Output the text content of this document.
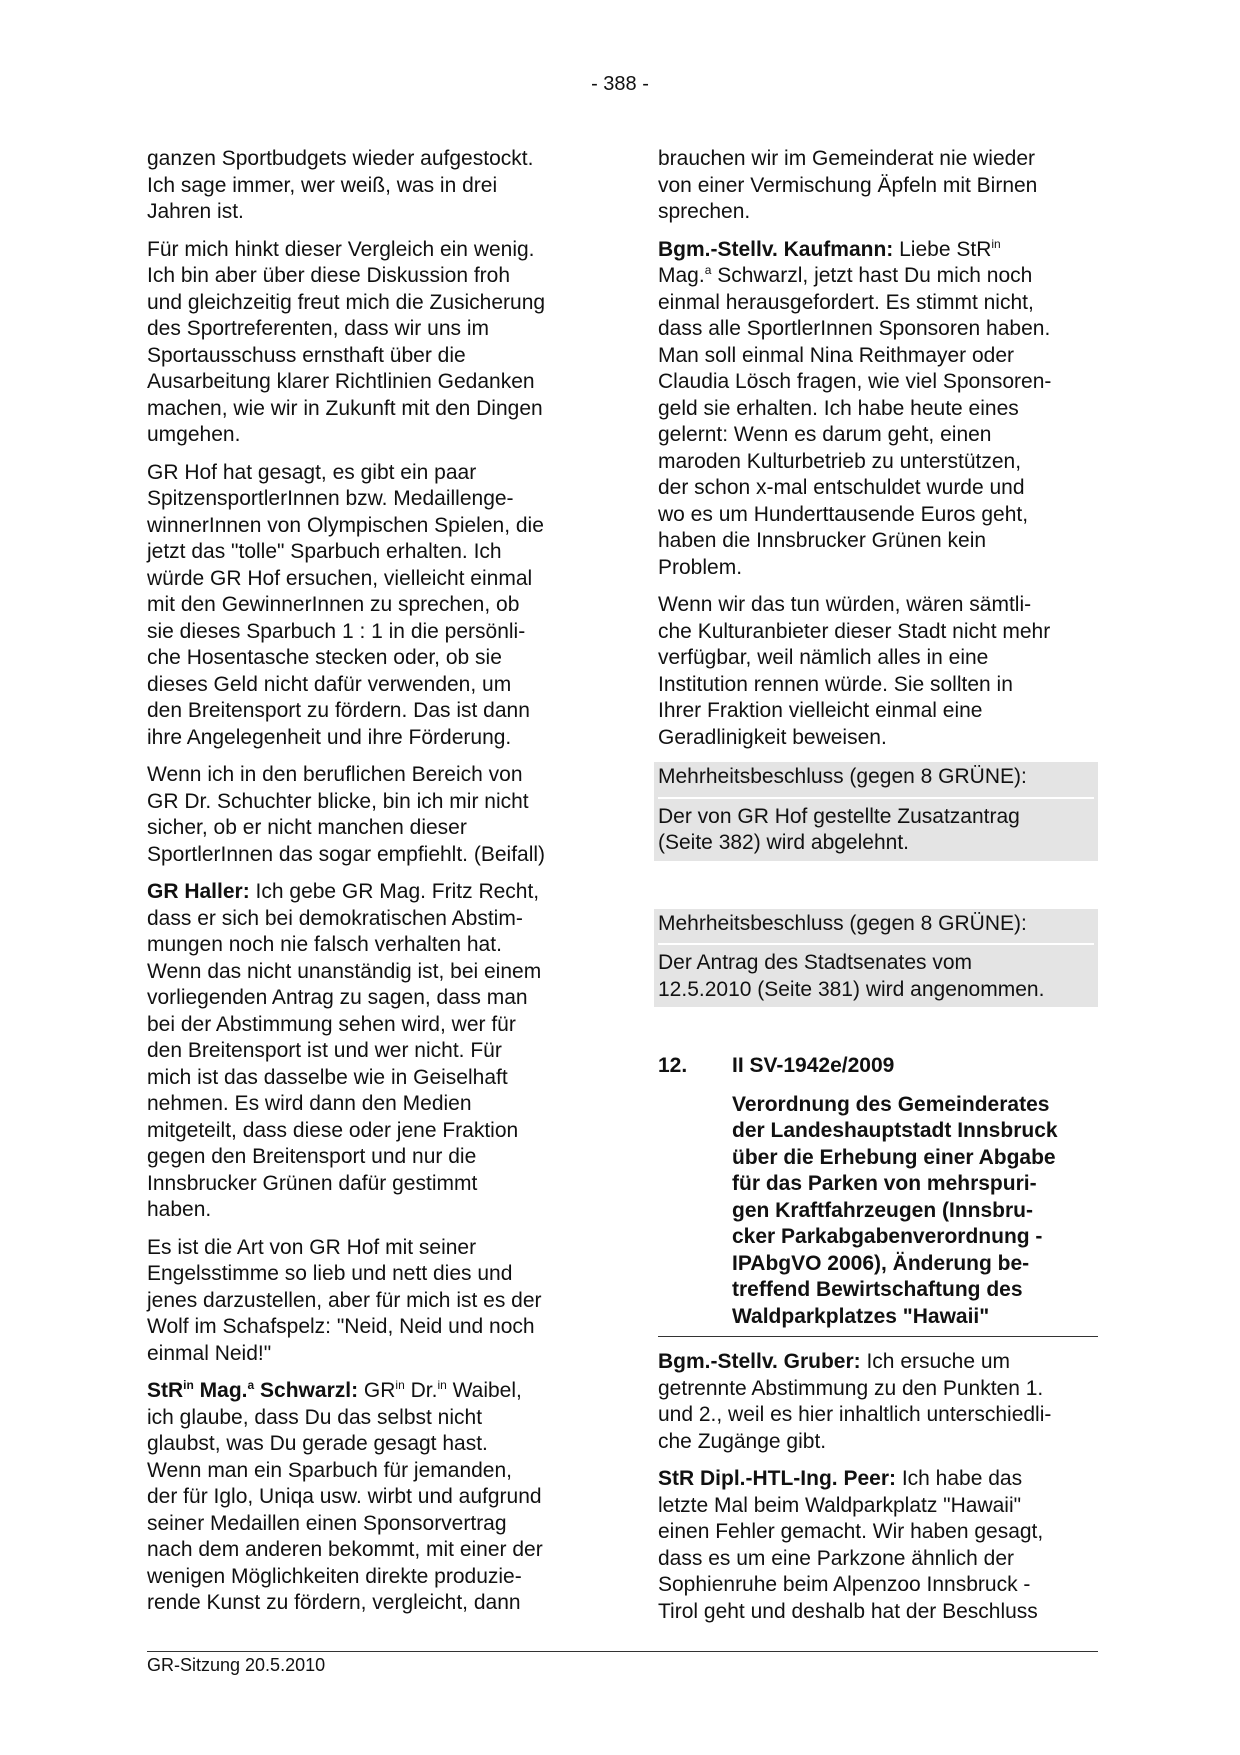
- 388 -
ganzen Sportbudgets wieder aufgestockt.
Ich sage immer, wer weiß, was in drei
Jahren ist.
Für mich hinkt dieser Vergleich ein wenig.
Ich bin aber über diese Diskussion froh
und gleichzeitig freut mich die Zusicherung
des Sportreferenten, dass wir uns im
Sportausschuss ernsthaft über die
Ausarbeitung klarer Richtlinien Gedanken
machen, wie wir in Zukunft mit den Dingen
umgehen.
GR Hof hat gesagt, es gibt ein paar
SpitzensportlerInnen bzw. Medaillenge-
winnerInnen von Olympischen Spielen, die
jetzt das "tolle" Sparbuch erhalten. Ich
würde GR Hof ersuchen, vielleicht einmal
mit den GewinnerInnen zu sprechen, ob
sie dieses Sparbuch 1 : 1 in die persönli-
che Hosentasche stecken oder, ob sie
dieses Geld nicht dafür verwenden, um
den Breitensport zu fördern. Das ist dann
ihre Angelegenheit und ihre Förderung.
Wenn ich in den beruflichen Bereich von
GR Dr. Schuchter blicke, bin ich mir nicht
sicher, ob er nicht manchen dieser
SportlerInnen das sogar empfiehlt. (Beifall)
GR Haller: Ich gebe GR Mag. Fritz Recht,
dass er sich bei demokratischen Abstim-
mungen noch nie falsch verhalten hat.
Wenn das nicht unanständig ist, bei einem
vorliegenden Antrag zu sagen, dass man
bei der Abstimmung sehen wird, wer für
den Breitensport ist und wer nicht. Für
mich ist das dasselbe wie in Geiselhaft
nehmen. Es wird dann den Medien
mitgeteilt, dass diese oder jene Fraktion
gegen den Breitensport und nur die
Innsbrucker Grünen dafür gestimmt
haben.
Es ist die Art von GR Hof mit seiner
Engelsstimme so lieb und nett dies und
jenes darzustellen, aber für mich ist es der
Wolf im Schafspelz: "Neid, Neid und noch
einmal Neid!"
StR$^{in}$ Mag.$^a$ Schwarzl: $GR^{in}$ Dr.$^{in}$ Waibel,
ich glaube, dass Du das selbst nicht
glaubst, was Du gerade gesagt hast.
Wenn man ein Sparbuch für jemanden,
der für Iglo, Uniqa usw. wirbt und aufgrund
seiner Medaillen einen Sponsorvertrag
nach dem anderen bekommt, mit einer der
wenigen Möglichkeiten direkte produzie-
rende Kunst zu fördern, vergleicht, dann
brauchen wir im Gemeinderat nie wieder
von einer Vermischung Äpfeln mit Birnen
sprechen.
Bgm.-Stellv. Kaufmann: Liebe StR$^{in}$
Mag.$^a$ Schwarzl, jetzt hast Du mich noch
einmal herausgefordert. Es stimmt nicht,
dass alle SportlerInnen Sponsoren haben.
Man soll einmal Nina Reithmayer oder
Claudia Lösch fragen, wie viel Sponsoren-
geld sie erhalten. Ich habe heute eines
gelernt: Wenn es darum geht, einen
maroden Kulturbetrieb zu unterstützen,
der schon x-mal entschuldet wurde und
wo es um Hunderttausende Euros geht,
haben die Innsbrucker Grünen kein
Problem.
Wenn wir das tun würden, wären sämtli-
che Kulturanbieter dieser Stadt nicht mehr
verfügbar, weil nämlich alles in eine
Institution rennen würde. Sie sollten in
Ihrer Fraktion vielleicht einmal eine
Geradlinigkeit beweisen.
Mehrheitsbeschluss (gegen 8 GRÜNE):
Der von GR Hof gestellte Zusatzantrag
(Seite 382) wird abgelehnt.
Mehrheitsbeschluss (gegen 8 GRÜNE):
Der Antrag des Stadtsenates vom
12.5.2010 (Seite 381) wird angenommen.
12.	II SV-1942e/2009
Verordnung des Gemeinderates
der Landeshauptstadt Innsbruck
über die Erhebung einer Abgabe
für das Parken von mehrspuri-
gen Kraftfahrzeugen (Innsbru-
cker Parkabgabenverordnung -
IPAbgVO 2006), Änderung be-
treffend Bewirtschaftung des
Waldparkplatzes "Hawaii"
Bgm.-Stellv. Gruber: Ich ersuche um
getrennte Abstimmung zu den Punkten 1.
und 2., weil es hier inhaltlich unterschiedli-
che Zugänge gibt.
StR Dipl.-HTL-Ing. Peer: Ich habe das
letzte Mal beim Waldparkplatz "Hawaii"
einen Fehler gemacht. Wir haben gesagt,
dass es um eine Parkzone ähnlich der
Sophienruhe beim Alpenzoo Innsbruck -
Tirol geht und deshalb hat der Beschluss
GR-Sitzung 20.5.2010
